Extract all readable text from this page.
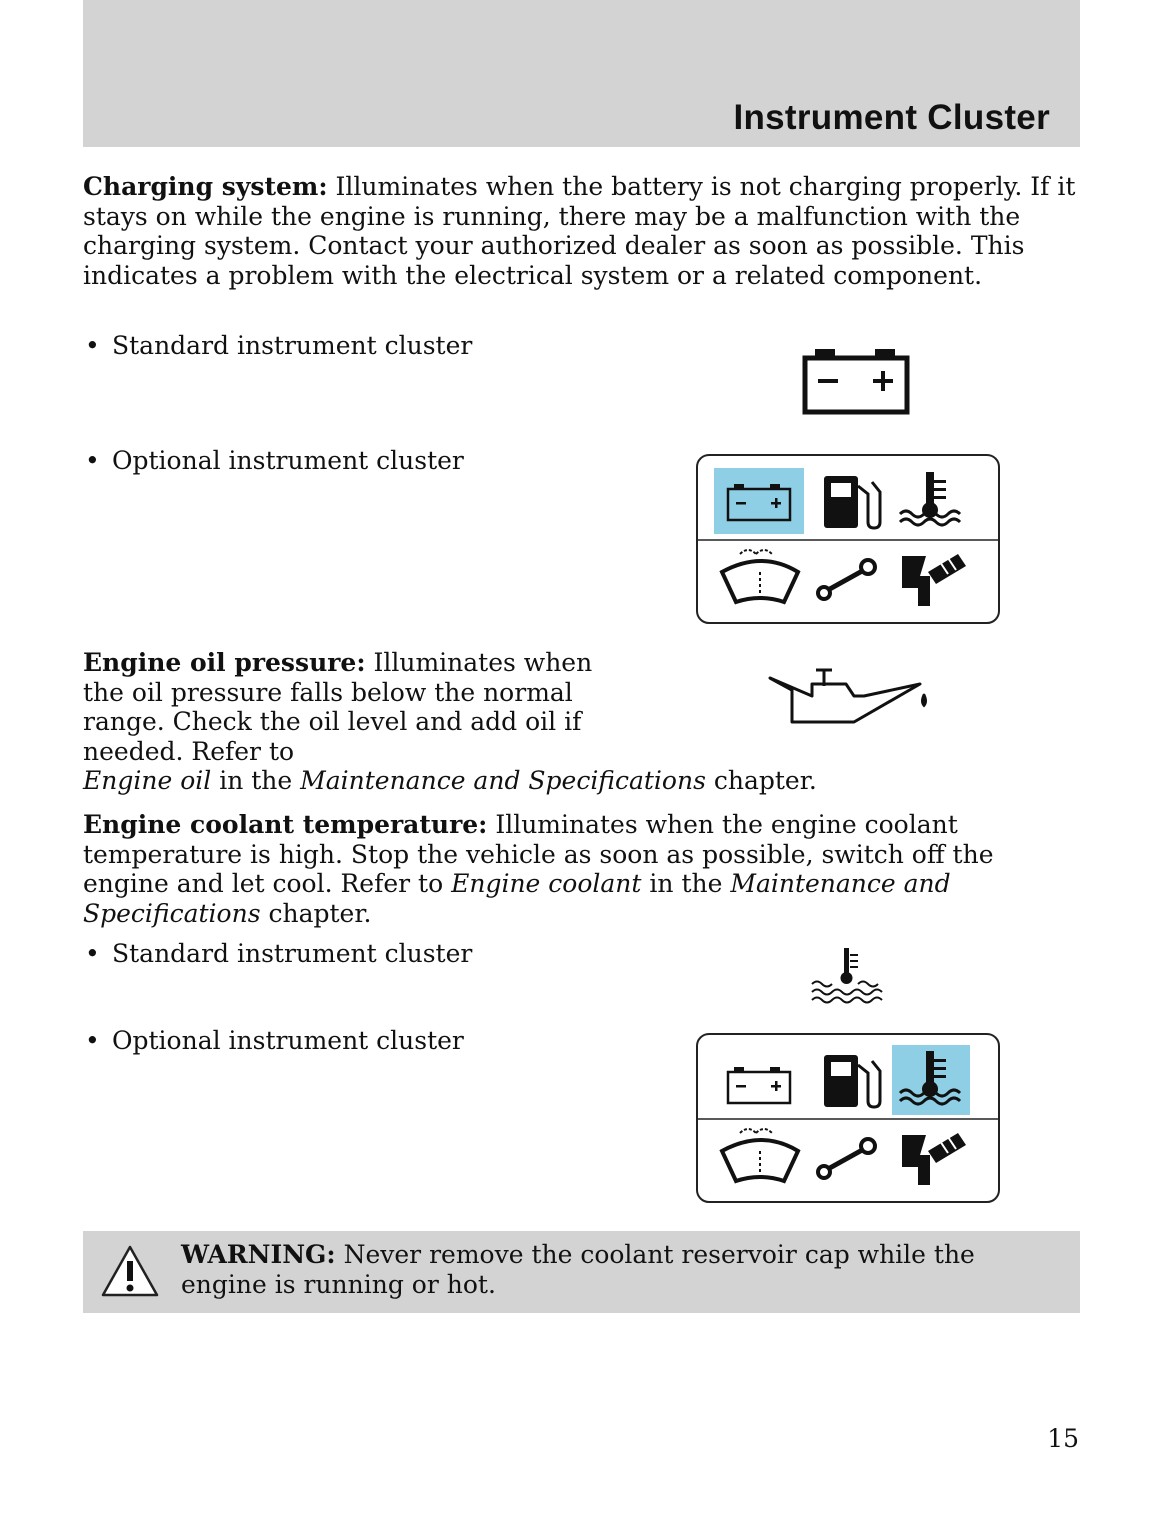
Instrument Cluster

Charging system: Illuminates when the battery is not charging properly. If it stays on while the engine is running, there may be a malfunction with the charging system. Contact your authorized dealer as soon as possible. This indicates a problem with the electrical system or a related component.

• Standard instrument cluster
• Optional instrument cluster

Engine oil pressure: Illuminates when the oil pressure falls below the normal range. Check the oil level and add oil if needed. Refer to

Engine oil in the Maintenance and Specifications chapter.

Engine coolant temperature: Illuminates when the engine coolant temperature is high. Stop the vehicle as soon as possible, switch off the engine and let cool. Refer to Engine coolant in the Maintenance and Specifications chapter.

• Standard instrument cluster
• Optional instrument cluster
WARNING: Never remove the coolant reservoir cap while the engine is running or hot.
15
